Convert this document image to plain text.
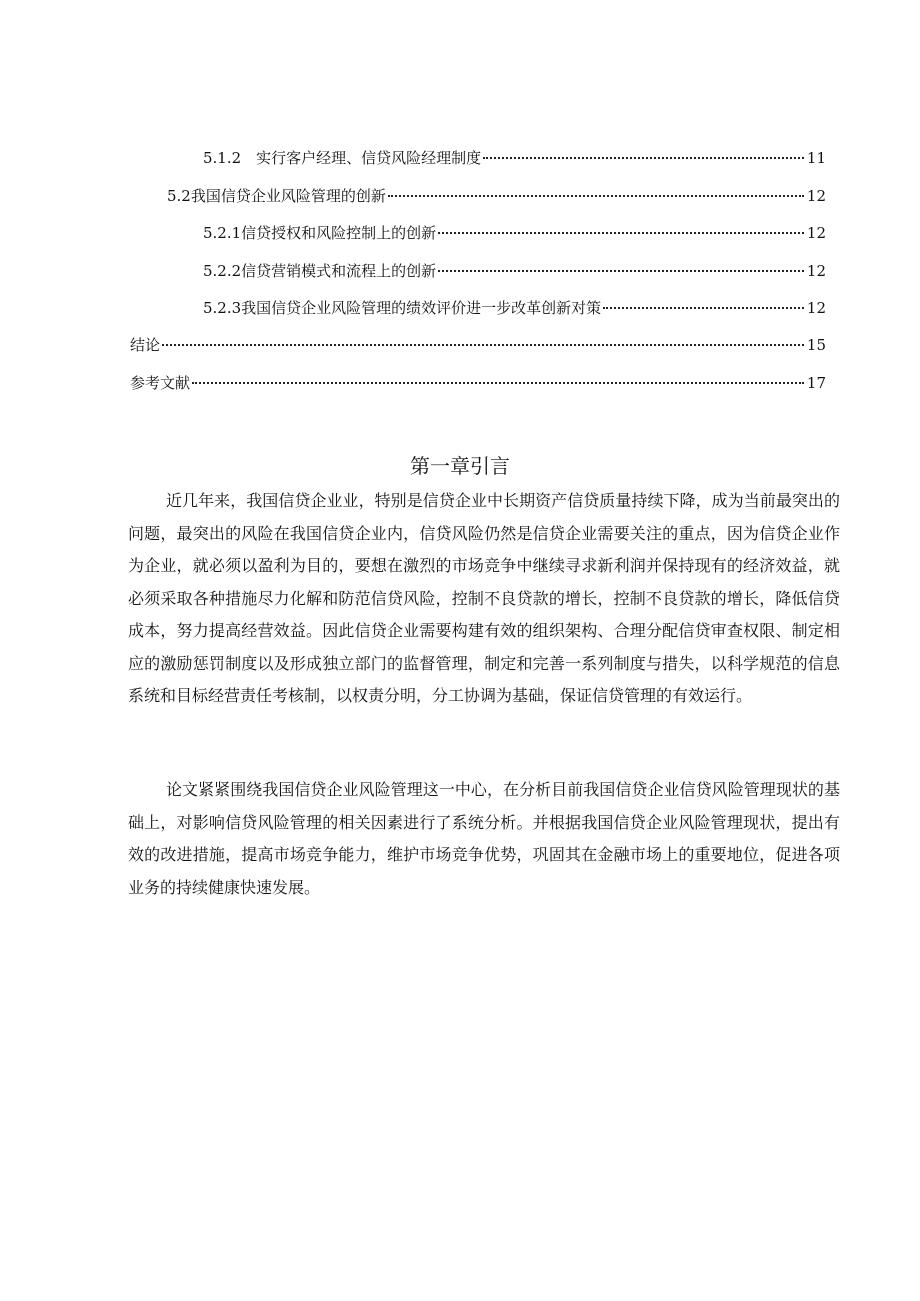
5.1.2　实行客户经理、信贷风险经理制度	11
5.2我国信贷企业风险管理的创新	12
5.2.1信贷授权和风险控制上的创新	12
5.2.2信贷营销模式和流程上的创新	12
5.2.3我国信贷企业风险管理的绩效评价进一步改革创新对策	12
结论	15
参考文献	17
第一章引言

近几年来，我国信贷企业业，特别是信贷企业中长期资产信贷质量持续下降，成为当前最突出的问题，最突出的风险在我国信贷企业内，信贷风险仍然是信贷企业需要关注的重点，因为信贷企业作为企业，就必须以盈利为目的，要想在激烈的市场竞争中继续寻求新利润并保持现有的经济效益，就必须采取各种措施尽力化解和防范信贷风险，控制不良贷款的增长，控制不良贷款的增长，降低信贷成本，努力提高经营效益。因此信贷企业需要构建有效的组织架构、合理分配信贷审查权限、制定相应的激励惩罚制度以及形成独立部门的监督管理，制定和完善一系列制度与措失，以科学规范的信息系统和目标经营责任考核制，以权责分明，分工协调为基础，保证信贷管理的有效运行。

论文紧紧围绕我国信贷企业风险管理这一中心，在分析目前我国信贷企业信贷风险管理现状的基础上，对影响信贷风险管理的相关因素进行了系统分析。并根据我国信贷企业风险管理现状，提出有效的改进措施，提高市场竞争能力，维护市场竞争优势，巩固其在金融市场上的重要地位，促进各项业务的持续健康快速发展。
